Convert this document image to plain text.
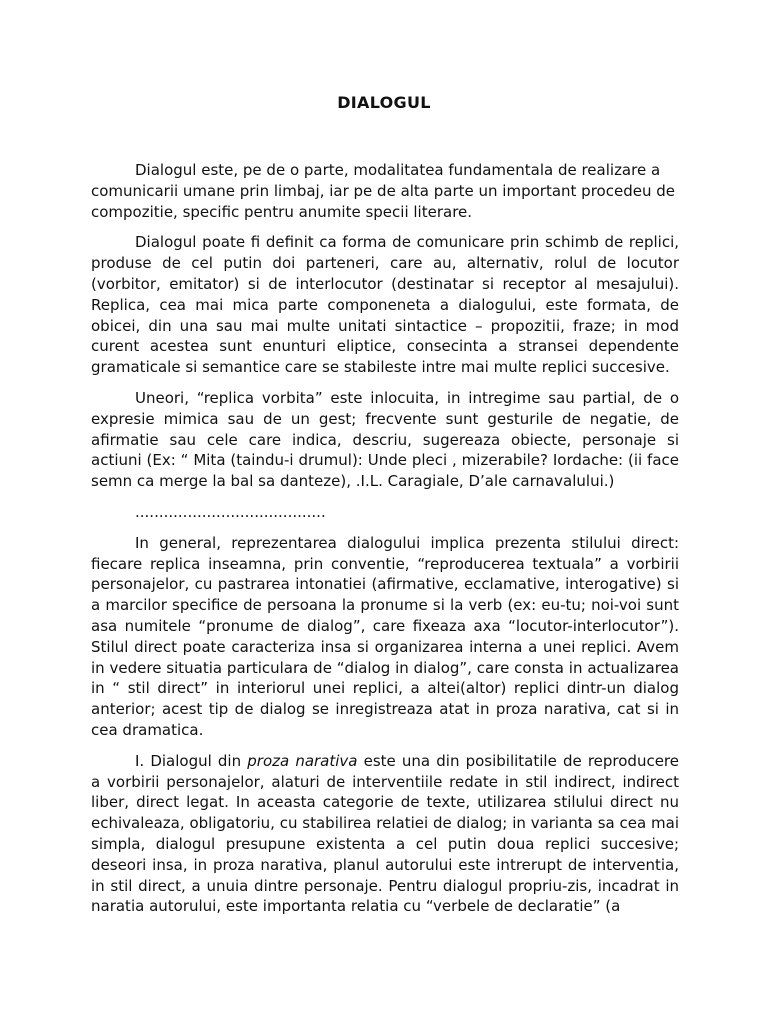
DIALOGUL

Dialogul este, pe de o parte, modalitatea fundamentala de realizare a comunicarii umane prin limbaj, iar pe de alta parte un important procedeu de compozitie, specific pentru anumite specii literare.

Dialogul poate fi definit ca forma de comunicare prin schimb de replici, produse de cel putin doi parteneri, care au, alternativ, rolul de locutor (vorbitor, emitator) si de interlocutor (destinatar si receptor al mesajului). Replica, cea mai mica parte componeneta a dialogului, este formata, de obicei, din una sau mai multe unitati sintactice – propozitii, fraze; in mod curent acestea sunt enunturi eliptice, consecinta a stransei dependente gramaticale si semantice care se stabileste intre mai multe replici succesive.

Uneori, “replica vorbita” este inlocuita, in intregime sau partial, de o expresie mimica sau de un gest; frecvente sunt gesturile de negatie, de afirmatie sau cele care indica, descriu, sugereaza obiecte, personaje si actiuni (Ex: “ Mita (taindu-i drumul): Unde pleci , mizerabile? Iordache: (ii face semn ca merge la bal sa danteze), .I.L. Caragiale, D’ale carnavalului.)

........................................

In general, reprezentarea dialogului implica prezenta stilului direct: fiecare replica inseamna, prin conventie, “reproducerea textuala” a vorbirii personajelor, cu pastrarea intonatiei (afirmative, ecclamative, interogative) si a marcilor specifice de persoana la pronume si la verb (ex: eu-tu; noi-voi sunt asa numitele “pronume de dialog”, care fixeaza axa “locutor-interlocutor”). Stilul direct poate caracteriza insa si organizarea interna a unei replici. Avem in vedere situatia particulara de “dialog in dialog”, care consta in actualizarea in “ stil direct” in interiorul unei replici, a altei(altor) replici dintr-un dialog anterior; acest tip de dialog se inregistreaza atat in proza narativa, cat si in cea dramatica.

I. Dialogul din proza narativa este una din posibilitatile de reproducere a vorbirii personajelor, alaturi de interventiile redate in stil indirect, indirect liber, direct legat. In aceasta categorie de texte, utilizarea stilului direct nu echivaleaza, obligatoriu, cu stabilirea relatiei de dialog; in varianta sa cea mai simpla, dialogul presupune existenta a cel putin doua replici succesive; deseori insa, in proza narativa, planul autorului este intrerupt de interventia, in stil direct, a unuia dintre personaje. Pentru dialogul propriu-zis, incadrat in naratia autorului, este importanta relatia cu “verbele de declaratie” (a
